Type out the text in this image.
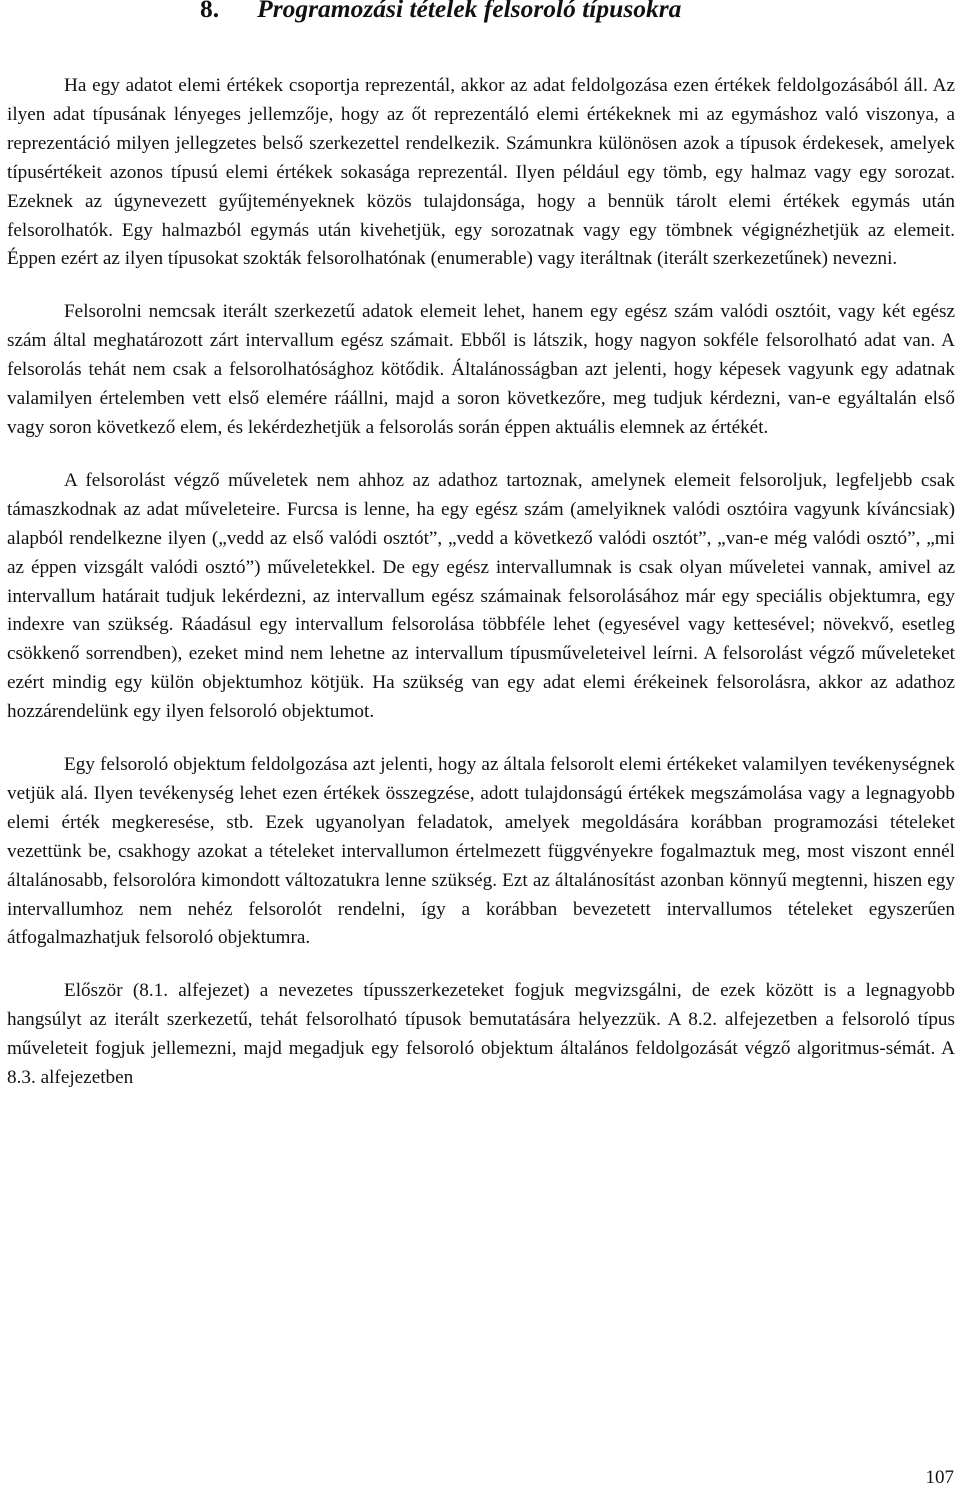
8. Programozási tételek felsoroló típusokra

Ha egy adatot elemi értékek csoportja reprezentál, akkor az adat feldolgozása ezen értékek feldolgozásából áll. Az ilyen adat típusának lényeges jellemzője, hogy az őt reprezentáló elemi értékeknek mi az egymáshoz való viszonya, a reprezentáció milyen jellegzetes belső szerkezettel rendelkezik. Számunkra különösen azok a típusok érdekesek, amelyek típusértékeit azonos típusú elemi értékek sokasága reprezentál. Ilyen például egy tömb, egy halmaz vagy egy sorozat. Ezeknek az úgynevezett gyűjteményeknek közös tulajdonsága, hogy a bennük tárolt elemi értékek egymás után felsorolhatók. Egy halmazból egymás után kivehetjük, egy sorozatnak vagy egy tömbnek végignézhetjük az elemeit. Éppen ezért az ilyen típusokat szokták felsorolhatónak (enumerable) vagy iteráltnak (iterált szerkezetűnek) nevezni.

Felsorolni nemcsak iterált szerkezetű adatok elemeit lehet, hanem egy egész szám valódi osztóit, vagy két egész szám által meghatározott zárt intervallum egész számait. Ebből is látszik, hogy nagyon sokféle felsorolható adat van. A felsorolás tehát nem csak a felsorolhatósághoz kötődik. Általánosságban azt jelenti, hogy képesek vagyunk egy adatnak valamilyen értelemben vett első elemére ráállni, majd a soron következőre, meg tudjuk kérdezni, van-e egyáltalán első vagy soron következő elem, és lekérdezhetjük a felsorolás során éppen aktuális elemnek az értékét.

A felsorolást végző műveletek nem ahhoz az adathoz tartoznak, amelynek elemeit felsoroljuk, legfeljebb csak támaszkodnak az adat műveleteire. Furcsa is lenne, ha egy egész szám (amelyiknek valódi osztóira vagyunk kíváncsiak) alapból rendelkezne ilyen („vedd az első valódi osztót”, „vedd a következő valódi osztót”, „van-e még valódi osztó”, „mi az éppen vizsgált valódi osztó”) műveletekkel. De egy egész intervallumnak is csak olyan műveletei vannak, amivel az intervallum határait tudjuk lekérdezni, az intervallum egész számainak felsorolásához már egy speciális objektumra, egy indexre van szükség. Ráadásul egy intervallum felsorolása többféle lehet (egyesével vagy kettesével; növekvő, esetleg csökkenő sorrendben), ezeket mind nem lehetne az intervallum típusműveleteivel leírni. A felsorolást végző műveleteket ezért mindig egy külön objektumhoz kötjük. Ha szükség van egy adat elemi érékeinek felsorolásra, akkor az adathoz hozzárendelünk egy ilyen felsoroló objektumot.

Egy felsoroló objektum feldolgozása azt jelenti, hogy az általa felsorolt elemi értékeket valamilyen tevékenységnek vetjük alá. Ilyen tevékenység lehet ezen értékek összegzése, adott tulajdonságú értékek megszámolása vagy a legnagyobb elemi érték megkeresése, stb. Ezek ugyanolyan feladatok, amelyek megoldására korábban programozási tételeket vezettünk be, csakhogy azokat a tételeket intervallumon értelmezett függvényekre fogalmaztuk meg, most viszont ennél általánosabb, felsorolóra kimondott változatukra lenne szükség. Ezt az általánosítást azonban könnyű megtenni, hiszen egy intervallumhoz nem nehéz felsorolót rendelni, így a korábban bevezetett intervallumos tételeket egyszerűen átfogalmazhatjuk felsoroló objektumra.

Először (8.1. alfejezet) a nevezetes típusszerkezeteket fogjuk megvizsgálni, de ezek között is a legnagyobb hangsúlyt az iterált szerkezetű, tehát felsorolható típusok bemutatására helyezzük. A 8.2. alfejezetben a felsoroló típus műveleteit fogjuk jellemezni, majd megadjuk egy felsoroló objektum általános feldolgozását végző algoritmus-sémát. A 8.3. alfejezetben

107
